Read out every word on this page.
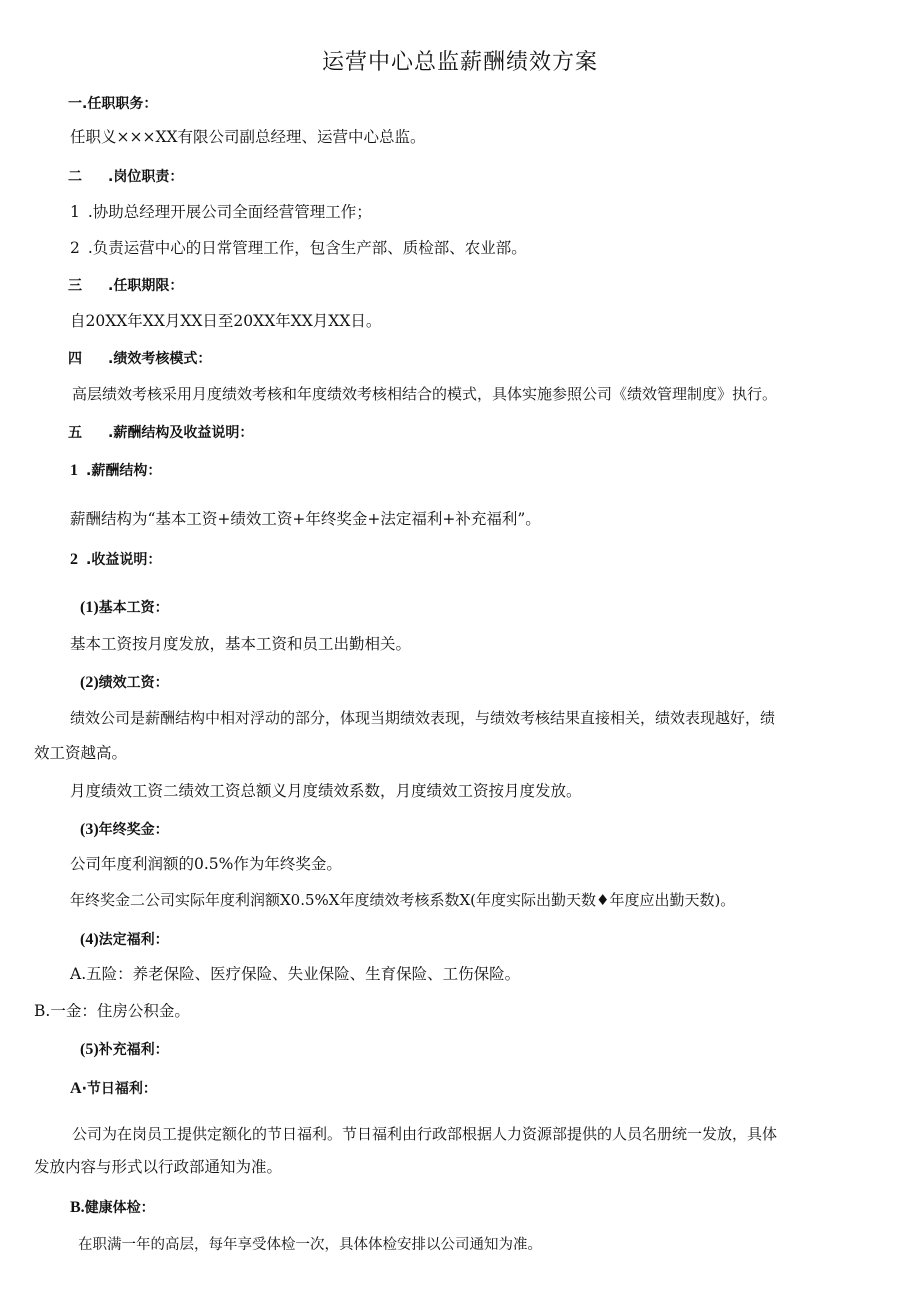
运营中心总监薪酬绩效方案
一.任职职务：
任职义×××XX有限公司副总经理、运营中心总监。
二 .岗位职责：
1 .协助总经理开展公司全面经营管理工作；
2 .负责运营中心的日常管理工作，包含生产部、质检部、农业部。
三 .任职期限：
自20XX年XX月XX日至20XX年XX月XX日。
四 .绩效考核模式：
高层绩效考核采用月度绩效考核和年度绩效考核相结合的模式，具体实施参照公司《绩效管理制度》执行。
五 .薪酬结构及收益说明：
1 .薪酬结构：
薪酬结构为“基本工资+绩效工资+年终奖金+法定福利+补充福利”。
2 .收益说明：
(1)基本工资：
基本工资按月度发放，基本工资和员工出勤相关。
(2)绩效工资：
绩效公司是薪酬结构中相对浮动的部分，体现当期绩效表现，与绩效考核结果直接相关，绩效表现越好，绩
效工资越高。
月度绩效工资二绩效工资总额义月度绩效系数，月度绩效工资按月度发放。
(3)年终奖金：
公司年度利润额的0.5%作为年终奖金。
年终奖金二公司实际年度利润额X0.5%X年度绩效考核系数X(年度实际出勤天数♦年度应出勤天数)。
(4)法定福利：
A.五险：养老保险、医疗保险、失业保险、生育保险、工伤保险。
B.一金：住房公积金。
(5)补充福利：
A·节日福利：
公司为在岗员工提供定额化的节日福利。节日福利由行政部根据人力资源部提供的人员名册统一发放，具体
发放内容与形式以行政部通知为准。
B.健康体检：
在职满一年的高层，每年享受体检一次，具体体检安排以公司通知为准。
